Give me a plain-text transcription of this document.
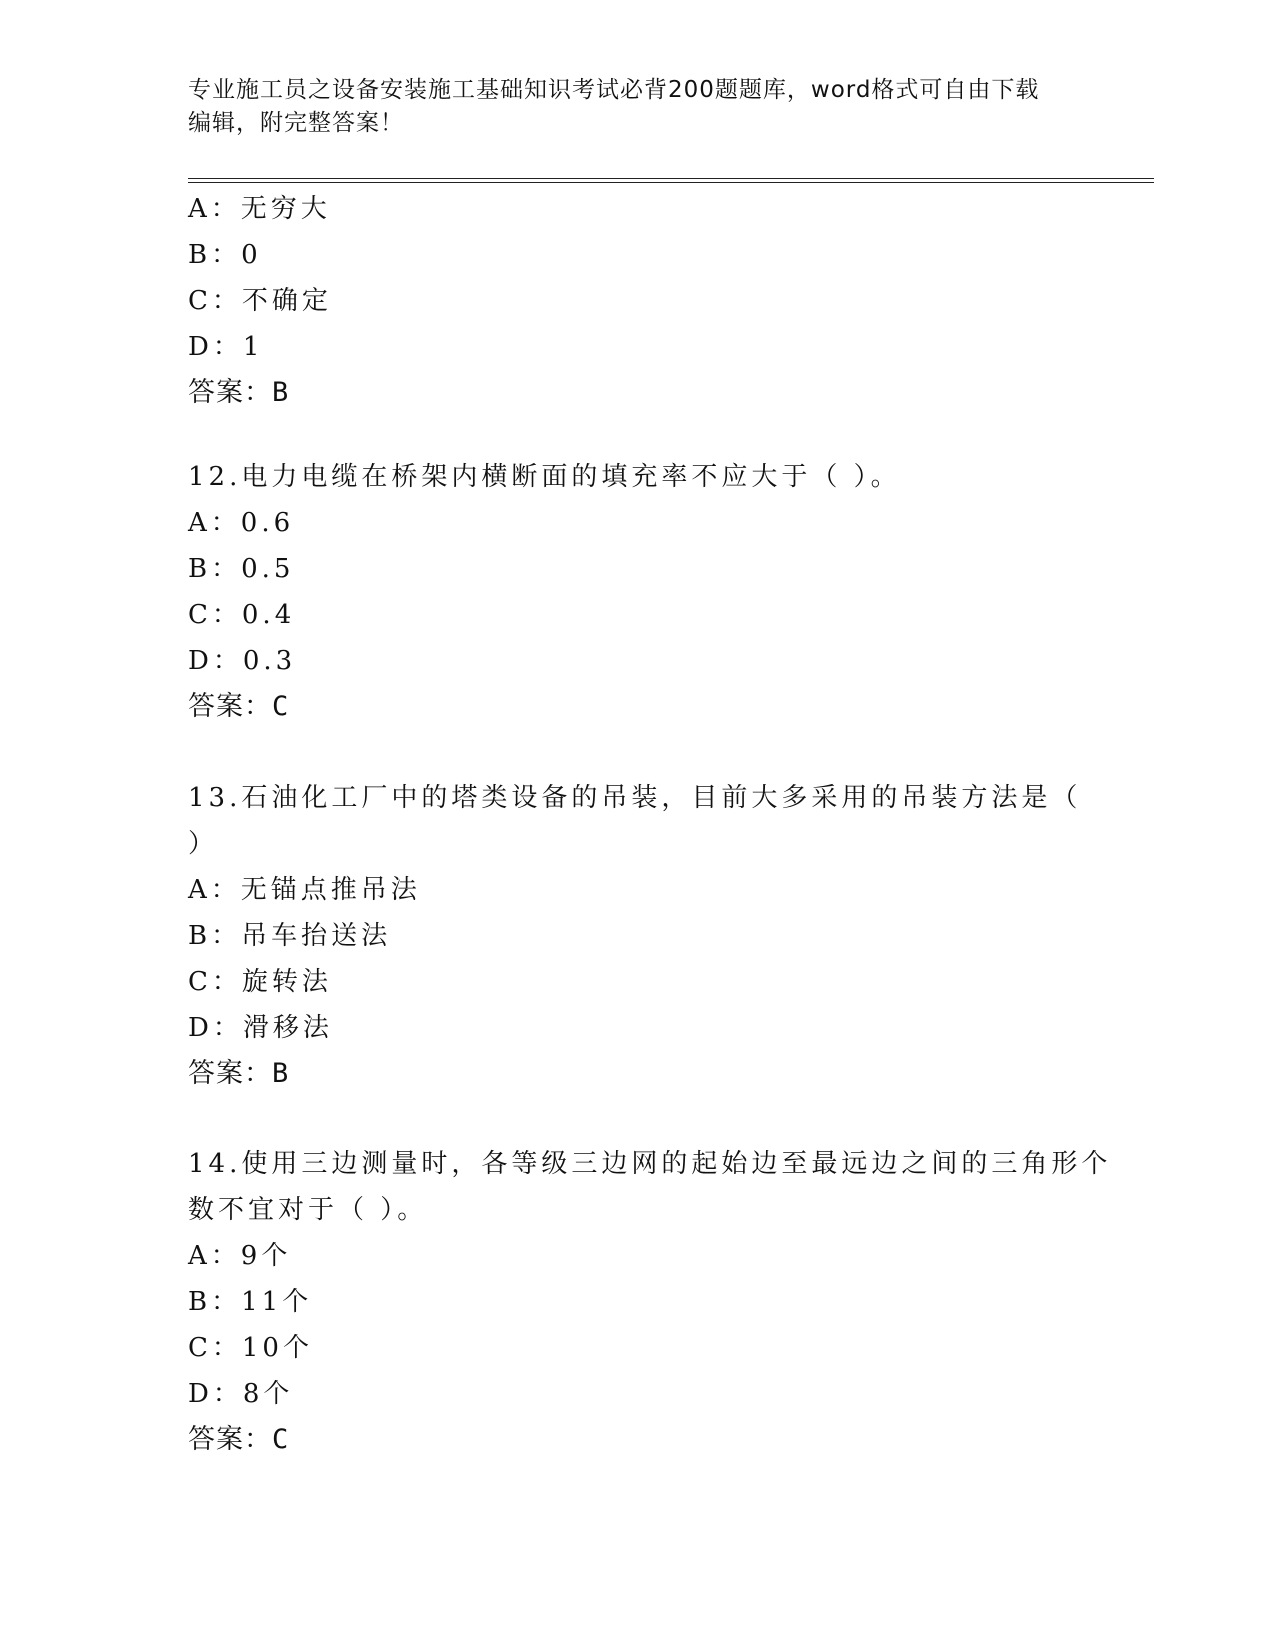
专业施工员之设备安装施工基础知识考试必背200题题库，word格式可自由下载
编辑，附完整答案！
A：无穷大
B：0
C：不确定
D：1
答案：B
12.电力电缆在桥架内横断面的填充率不应大于（ ）。
A：0.6
B：0.5
C：0.4
D：0.3
答案：C
13.石油化工厂中的塔类设备的吊装，目前大多采用的吊装方法是（
）
A：无锚点推吊法
B：吊车抬送法
C：旋转法
D：滑移法
答案：B
14.使用三边测量时，各等级三边网的起始边至最远边之间的三角形个
数不宜对于（ ）。
A：9个
B：11个
C：10个
D：8个
答案：C
